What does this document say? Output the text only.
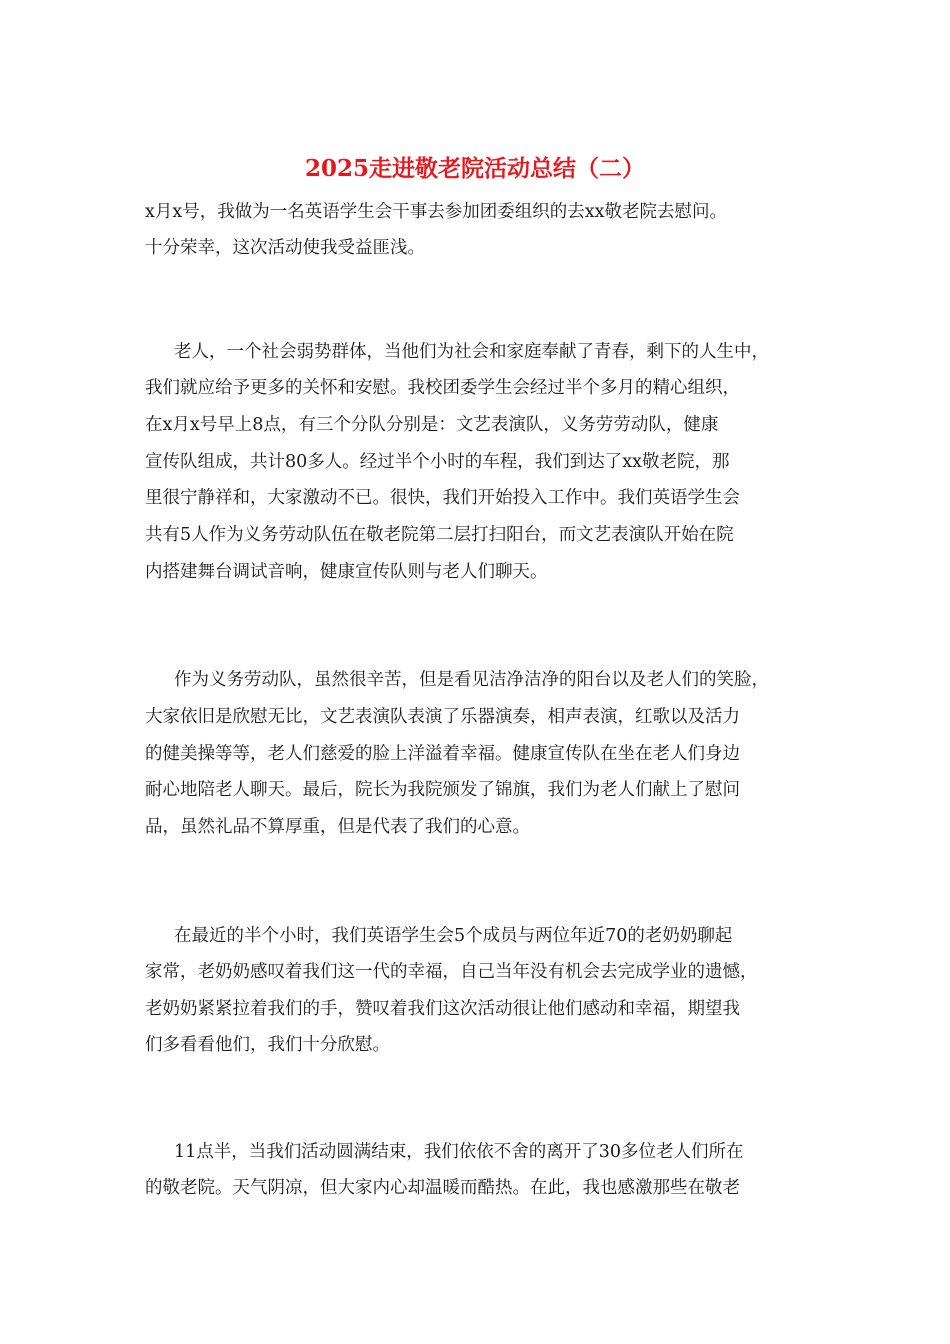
2025走进敬老院活动总结（二）
x月x号，我做为一名英语学生会干事去参加团委组织的去xx敬老院去慰问。
十分荣幸，这次活动使我受益匪浅。
老人，一个社会弱势群体，当他们为社会和家庭奉献了青春，剩下的人生中，
我们就应给予更多的关怀和安慰。我校团委学生会经过半个多月的精心组织，
在x月x号早上8点，有三个分队分别是：文艺表演队，义务劳劳动队，健康
宣传队组成，共计80多人。经过半个小时的车程，我们到达了xx敬老院，那
里很宁静祥和，大家激动不已。很快，我们开始投入工作中。我们英语学生会
共有5人作为义务劳动队伍在敬老院第二层打扫阳台，而文艺表演队开始在院
内搭建舞台调试音响，健康宣传队则与老人们聊天。
作为义务劳动队，虽然很辛苦，但是看见洁净洁净的阳台以及老人们的笑脸，
大家依旧是欣慰无比，文艺表演队表演了乐器演奏，相声表演，红歌以及活力
的健美操等等，老人们慈爱的脸上洋溢着幸福。健康宣传队在坐在老人们身边
耐心地陪老人聊天。最后，院长为我院颁发了锦旗，我们为老人们献上了慰问
品，虽然礼品不算厚重，但是代表了我们的心意。
在最近的半个小时，我们英语学生会5个成员与两位年近70的老奶奶聊起
家常，老奶奶感叹着我们这一代的幸福，自己当年没有机会去完成学业的遗憾，
老奶奶紧紧拉着我们的手，赞叹着我们这次活动很让他们感动和幸福，期望我
们多看看他们，我们十分欣慰。
11点半，当我们活动圆满结束，我们依依不舍的离开了30多位老人们所在
的敬老院。天气阴凉，但大家内心却温暖而酷热。在此，我也感激那些在敬老
